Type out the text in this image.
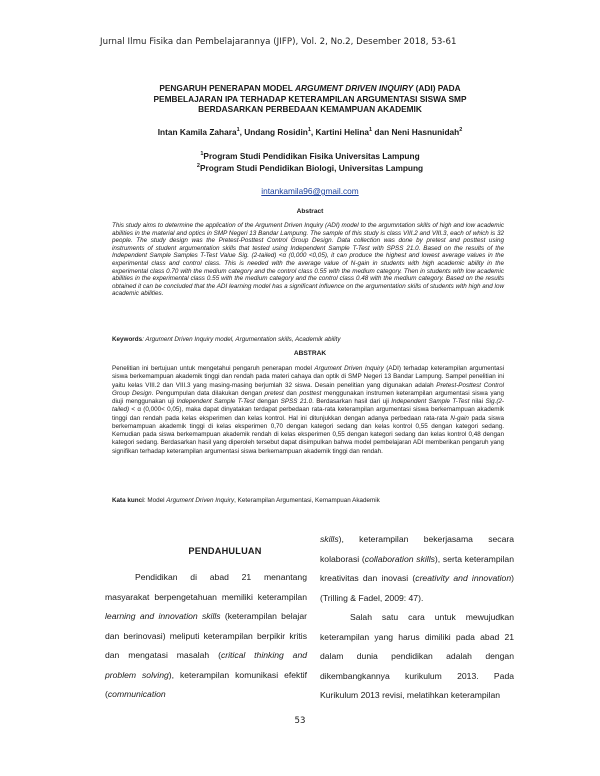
Jurnal Ilmu Fisika dan Pembelajarannya (JIFP), Vol. 2, No.2, Desember 2018, 53-61
PENGARUH PENERAPAN MODEL ARGUMENT DRIVEN INQUIRY (ADI) PADA
PEMBELAJARAN IPA TERHADAP KETERAMPILAN ARGUMENTASI SISWA SMP
BERDASARKAN PERBEDAAN KEMAMPUAN AKADEMIK
Intan Kamila Zahara$^1$, Undang Rosidin$^1$, Kartini Helina$^1$ dan Neni Hasnunidah$^2$
$^1$Program Studi Pendidikan Fisika Universitas Lampung
$^2$Program Studi Pendidikan Biologi, Universitas Lampung
intankamila96@gmail.com
Abstract
This study aims to determine the application of the Argument Driven Inquiry (ADI) model to the argumntation skills of high and low academic abilities in the material and optics in SMP Negeri 13 Bandar Lampung. The sample of this study is class VIII.2 and VIII.3, each of which is 32 people. The study design was the Pretest-Posttest Control Group Design. Data collection was done by pretest and posttest using instruments of student argumentation skills that tested using Independent Sample T-Test with SPSS 21.0. Based on the results of the Independent Sample Samples T-Test Value Sig. (2-tailed) <α (0,000 <0,05), it can produce the highest and lowest average values in the experimental class and control class. This is needed with the average value of N-gain in students with high academic ability in the experimental class 0.70 with the medium category and the control class 0.55 with the medium category. Then in students with low academic abilities in the experimental class 0.55 with the medium category and the control class 0.48 with the medium category. Based on the results obtained it can be concluded that the ADI learning model has a significant influence on the argumentation skills of students with high and low academic abilities.
Keywords: Argument Driven Inquiry model, Argumentation skills, Academik ability
ABSTRAK
Penelitian ini bertujuan untuk mengetahui pengaruh penerapan model Argument Driven Inquiry (ADI) terhadap keterampilan argumentasi siswa berkemampuan akademik tinggi dan rendah pada materi cahaya dan optik di SMP Negeri 13 Bandar Lampung. Sampel penelitian ini yaitu kelas VIII.2 dan VIII.3 yang masing-masing berjumlah 32 siswa. Desain penelitian yang digunakan adalah Pretest-Posttest Control Group Design. Pengumpulan data dilakukan dengan pretest dan posttest menggunakan instrumen keterampilan argumentasi siswa yang diuji menggunakan uji Independent Sample T-Test dengan SPSS 21.0. Berdasarkan hasil dari uji Independent Sample T-Test nilai Sig.(2-tailed) < α (0,000< 0,05), maka dapat dinyatakan terdapat perbedaan rata-rata keterampilan argumentasi siswa berkemampuan akademik tinggi dan rendah pada kelas eksperimen dan kelas kontrol. Hal ini ditunjukkan dengan adanya perbedaan rata-rata N-gain pada siswa berkemampuan akademik tinggi di kelas eksperimen 0,70 dengan kategori sedang dan kelas kontrol 0,55 dengan kategori sedang. Kemudian pada siswa berkemampuan akademik rendah di kelas eksperimen 0,55 dengan kategori sedang dan kelas kontrol 0,48 dengan kategori sedang. Berdasarkan hasil yang diperoleh tersebut dapat disimpulkan bahwa model pembelajaran ADI memberikan pengaruh yang signifikan terhadap keterampilan argumentasi siswa berkemampuan akademik tinggi dan rendah.
Kata kunci: Model Argument Driven Inquiry, Keterampilan Argumentasi, Kemampuan Akademik
PENDAHULUAN

Pendidikan di abad 21 menantang masyarakat berpengetahuan memiliki keterampilan learning and innovation skills (keterampilan belajar dan berinovasi) meliputi keterampilan berpikir kritis dan mengatasi masalah (critical thinking and problem solving), keterampilan komunikasi efektif (communication

skills), keterampilan bekerjasama secara kolaborasi (collaboration skills), serta keterampilan kreativitas dan inovasi (creativity and innovation) (Trilling & Fadel, 2009: 47).

Salah satu cara untuk mewujudkan keterampilan yang harus dimiliki pada abad 21 dalam dunia pendidikan adalah dengan dikembangkannya kurikulum 2013. Pada Kurikulum 2013 revisi, melatihkan keterampilan

53
